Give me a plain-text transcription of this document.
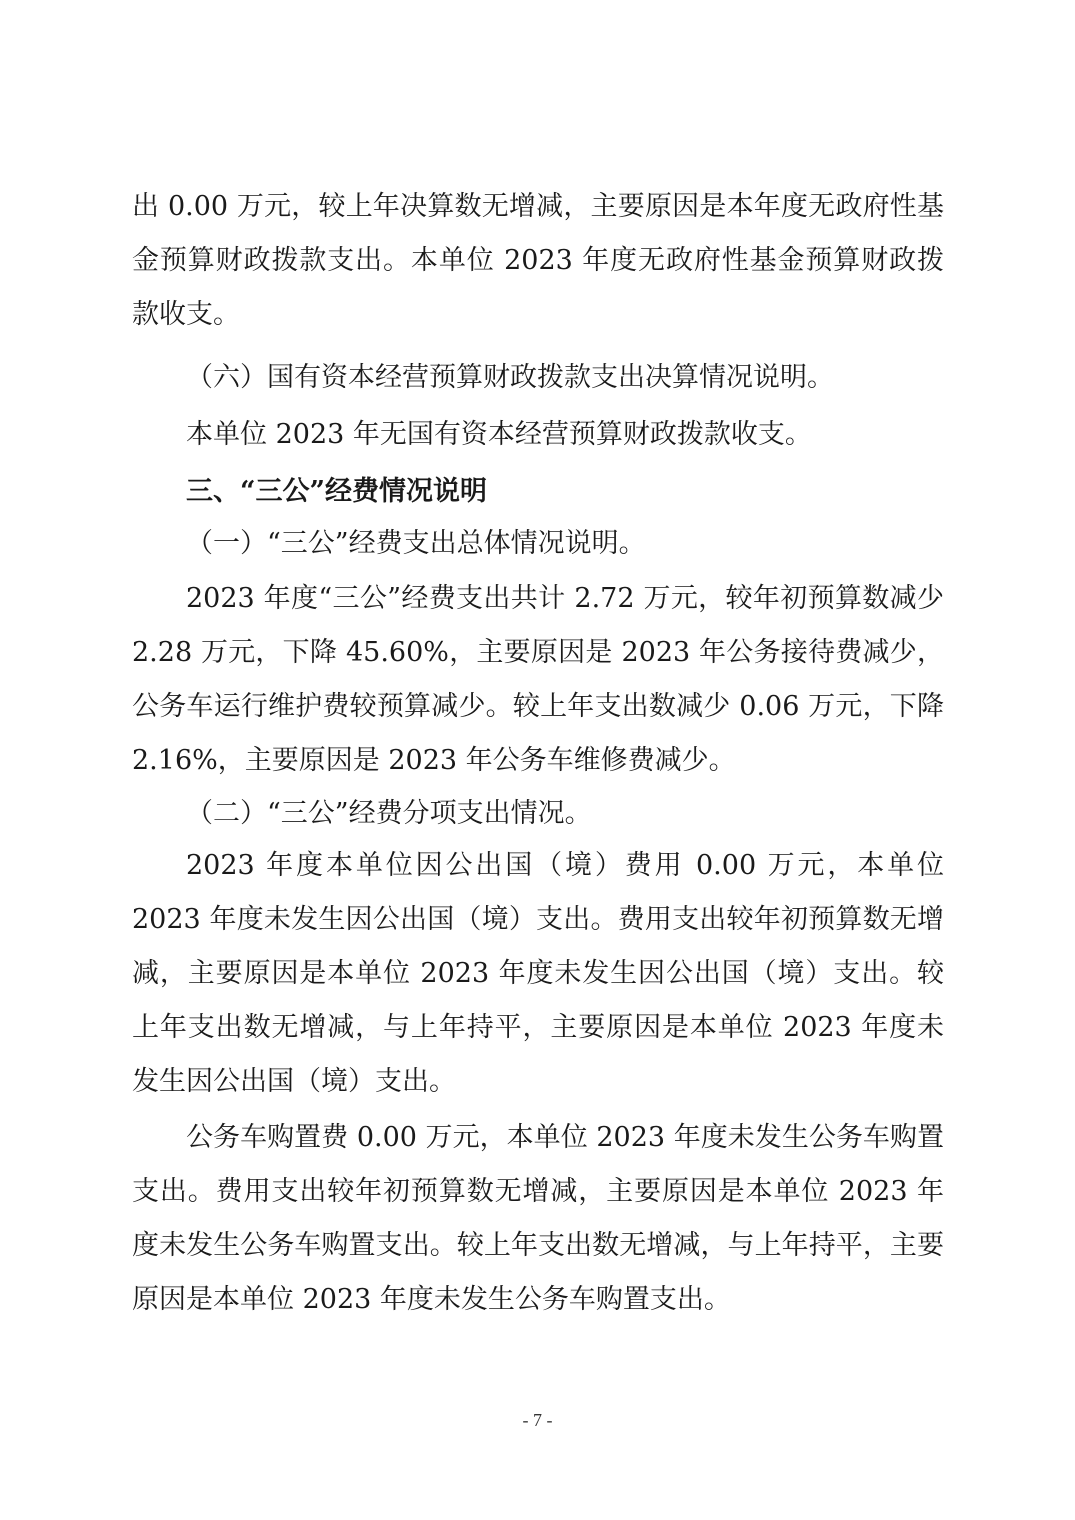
出 0.00 万元，较上年决算数无增减，主要原因是本年度无政府性基金预算财政拨款支出。本单位 2023 年度无政府性基金预算财政拨款收支。

（六）国有资本经营预算财政拨款支出决算情况说明。

本单位 2023 年无国有资本经营预算财政拨款收支。

三、“三公”经费情况说明

（一）“三公”经费支出总体情况说明。

2023 年度“三公”经费支出共计 2.72 万元，较年初预算数减少 2.28 万元，下降 45.60%，主要原因是 2023 年公务接待费减少，公务车运行维护费较预算减少。较上年支出数减少 0.06 万元，下降 2.16%，主要原因是 2023 年公务车维修费减少。

（二）“三公”经费分项支出情况。

2023 年度本单位因公出国（境）费用 0.00 万元，本单位 2023 年度未发生因公出国（境）支出。费用支出较年初预算数无增减，主要原因是本单位 2023 年度未发生因公出国（境）支出。较上年支出数无增减，与上年持平，主要原因是本单位 2023 年度未发生因公出国（境）支出。

公务车购置费 0.00 万元，本单位 2023 年度未发生公务车购置支出。费用支出较年初预算数无增减，主要原因是本单位 2023 年度未发生公务车购置支出。较上年支出数无增减，与上年持平，主要原因是本单位 2023 年度未发生公务车购置支出。

- 7 -
